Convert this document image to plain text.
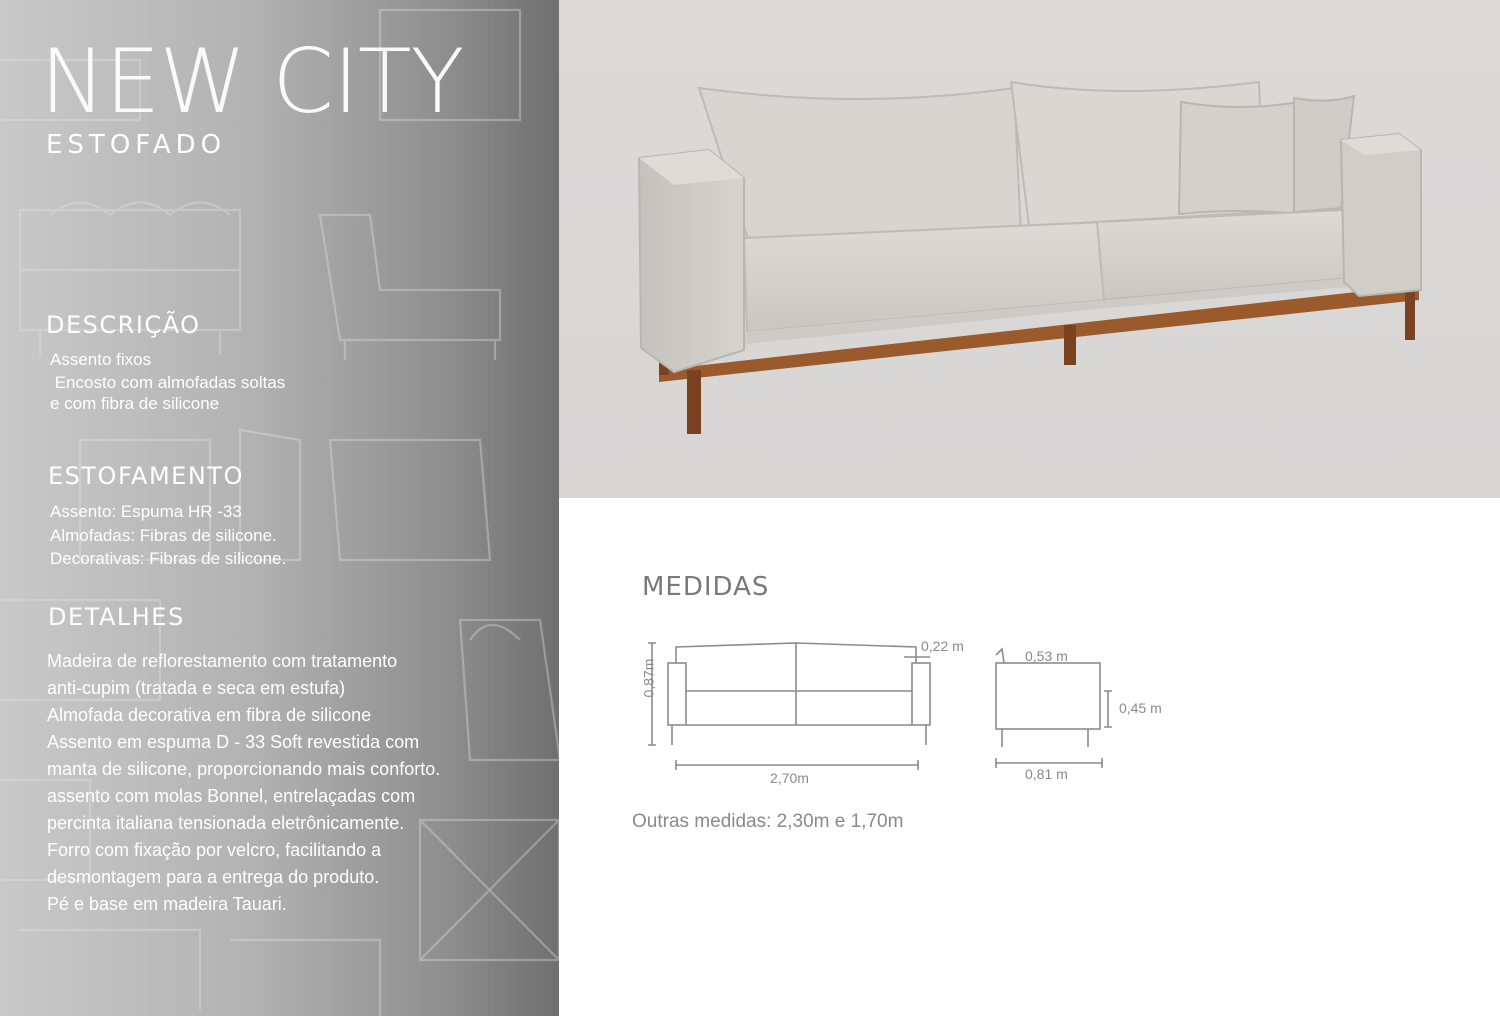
NEW CITY
ESTOFADO
DESCRIÇÃO
Assento fixos
Encosto com almofadas soltas
e com fibra de silicone
ESTOFAMENTO
Assento: Espuma HR -33
Almofadas: Fibras de silicone.
Decorativas: Fibras de silicone.
DETALHES
Madeira de reflorestamento com tratamento
anti-cupim (tratada e seca em estufa)
Almofada decorativa em fibra de silicone
Assento em espuma D - 33 Soft revestida com
manta de silicone, proporcionando mais conforto.
assento com molas Bonnel, entrelaçadas com
percinta italiana tensionada eletrônicamente.
Forro com fixação por velcro, facilitando a
desmontagem para a entrega do produto.
Pé e base em madeira Tauari.
MEDIDAS
0,87m
2,70m
0,22 m
0,53 m
0,45 m
0,81 m
Outras medidas: 2,30m e 1,70m
